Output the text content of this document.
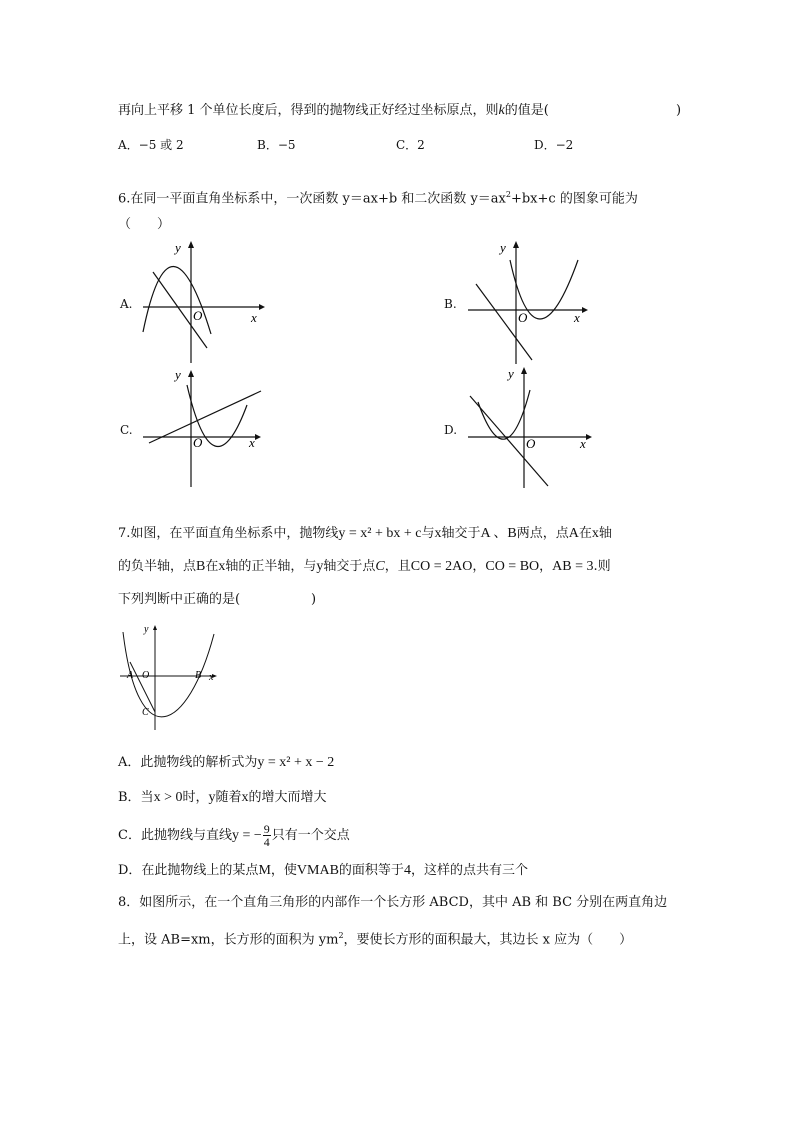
再向上平移 1 个单位长度后，得到的抛物线正好经过坐标原点，则k的值是(	)
A．−5 或 2	B．−5	C．2	D．−2
6.在同一平面直角坐标系中，一次函数 y＝ax+b 和二次函数 $y=ax^2+bx+c$ 的图象可能为
（　　）
A.
y
x
O
B.
y
x
O
C.
y
x
O
D.
y
x
O
7.如图，在平面直角坐标系中，抛物线y = x² + bx + c与x轴交于A 、B两点，点A在x轴
的负半轴，点B在x轴的正半轴，与y轴交于点C，且CO = 2AO，CO = BO，AB = 3.则
下列判断中正确的是(	)
y
x
O
A	B
C
A．此抛物线的解析式为y = x² + x − 2
B．当x > 0时，y随着x的增大而增大
C．此抛物线与直线y = − $\frac{9}{4}$ 只有一个交点
D．在此抛物线上的某点M，使VMAB的面积等于4，这样的点共有三个
8．如图所示，在一个直角三角形的内部作一个长方形 ABCD，其中 AB 和 BC 分别在两直角边
上，设 AB=xm，长方形的面积为 $ym^2$，要使长方形的面积最大，其边长 x 应为（　　）
